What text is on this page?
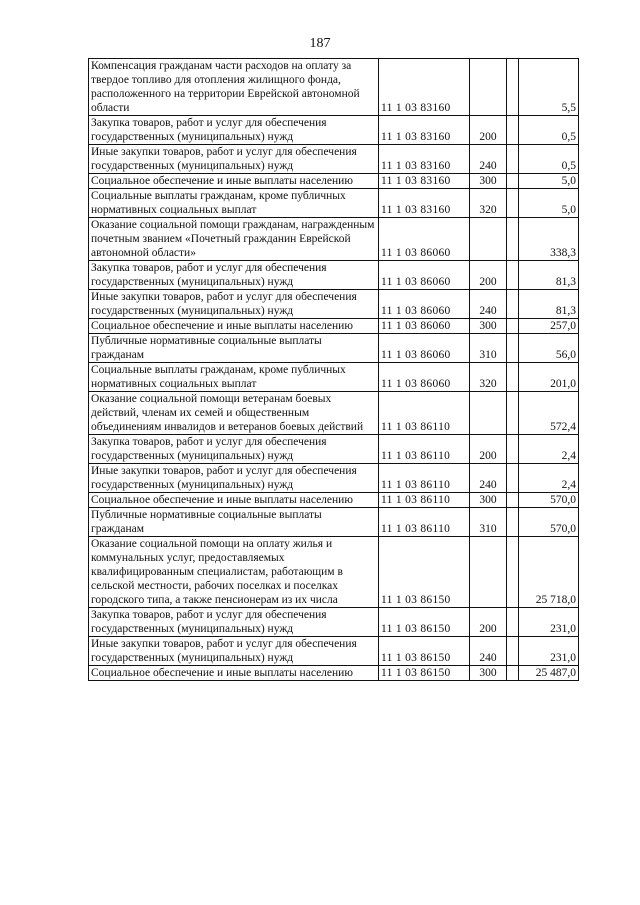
187
Компенсация гражданам части расходов на оплату за твердое топливо для отопления жилищного фонда, расположенного на территории Еврейской автономной области	11 1 03 83160			5,5
Закупка товаров, работ и услуг для обеспечения государственных (муниципальных) нужд	11 1 03 83160	200		0,5
Иные закупки товаров, работ и услуг для обеспечения государственных (муниципальных) нужд	11 1 03 83160	240		0,5
Социальное обеспечение и иные выплаты населению	11 1 03 83160	300		5,0
Социальные выплаты гражданам, кроме публичных нормативных социальных выплат	11 1 03 83160	320		5,0
Оказание социальной помощи гражданам, награжденным почетным званием «Почетный гражданин Еврейской автономной области»	11 1 03 86060			338,3
Закупка товаров, работ и услуг для обеспечения государственных (муниципальных) нужд	11 1 03 86060	200		81,3
Иные закупки товаров, работ и услуг для обеспечения государственных (муниципальных) нужд	11 1 03 86060	240		81,3
Социальное обеспечение и иные выплаты населению	11 1 03 86060	300		257,0
Публичные нормативные социальные выплаты гражданам	11 1 03 86060	310		56,0
Социальные выплаты гражданам, кроме публичных нормативных социальных выплат	11 1 03 86060	320		201,0
Оказание социальной помощи ветеранам боевых действий, членам их семей и общественным объединениям инвалидов и ветеранов боевых действий	11 1 03 86110			572,4
Закупка товаров, работ и услуг для обеспечения государственных (муниципальных) нужд	11 1 03 86110	200		2,4
Иные закупки товаров, работ и услуг для обеспечения государственных (муниципальных) нужд	11 1 03 86110	240		2,4
Социальное обеспечение и иные выплаты населению	11 1 03 86110	300		570,0
Публичные нормативные социальные выплаты гражданам	11 1 03 86110	310		570,0
Оказание социальной помощи на оплату жилья и коммунальных услуг, предоставляемых квалифицированным специалистам, работающим в сельской местности, рабочих поселках и поселках городского типа, а также пенсионерам из их числа	11 1 03 86150			25 718,0
Закупка товаров, работ и услуг для обеспечения государственных (муниципальных) нужд	11 1 03 86150	200		231,0
Иные закупки товаров, работ и услуг для обеспечения государственных (муниципальных) нужд	11 1 03 86150	240		231,0
Социальное обеспечение и иные выплаты населению	11 1 03 86150	300		25 487,0
